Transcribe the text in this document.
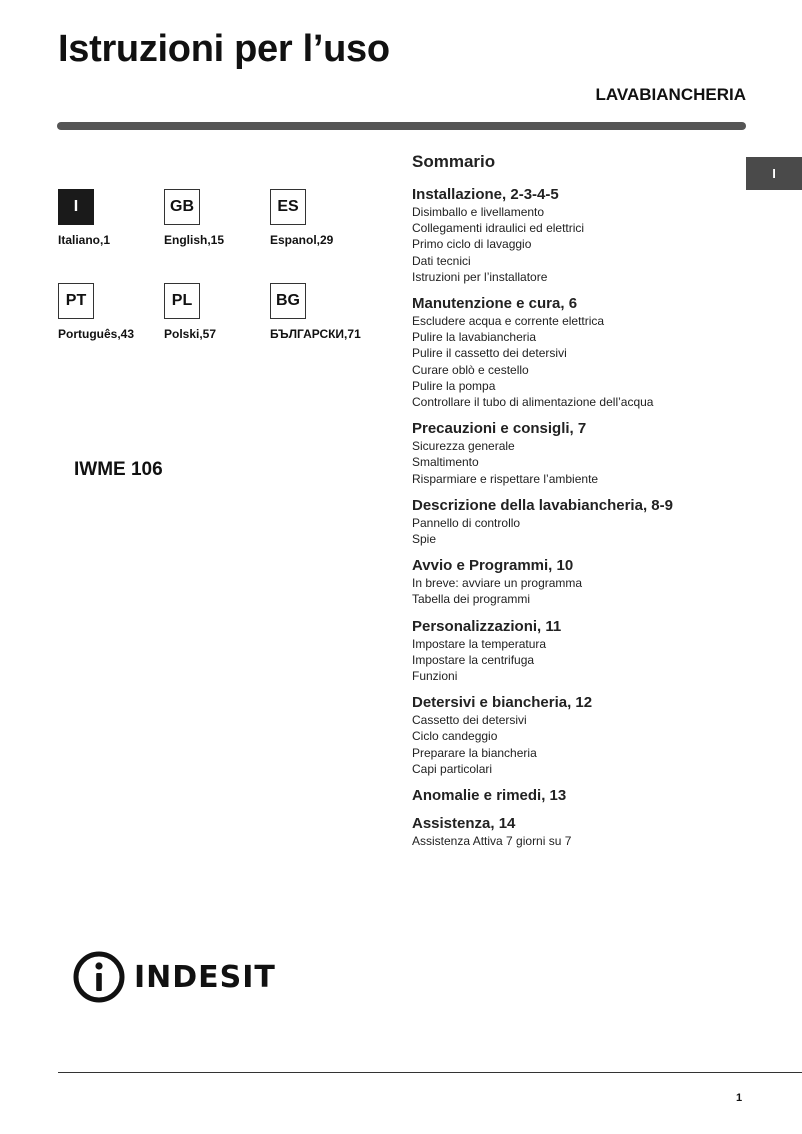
Istruzioni per l’uso
LAVABIANCHERIA
I
I
Italiano,1
GB
English,15
ES
Espanol,29
PT
Português,43
PL
Polski,57
BG
БЪЛГАРСКИ,71
IWME 106
INDESIT
Sommario
Installazione, 2-3-4-5
Disimballo e livellamento
Collegamenti idraulici ed elettrici
Primo ciclo di lavaggio
Dati tecnici
Istruzioni per l’installatore
Manutenzione e cura, 6
Escludere acqua e corrente elettrica
Pulire la lavabiancheria
Pulire il cassetto dei detersivi
Curare oblò e cestello
Pulire la pompa
Controllare il tubo di alimentazione dell’acqua
Precauzioni e consigli, 7
Sicurezza generale
Smaltimento
Risparmiare e rispettare l’ambiente
Descrizione della lavabiancheria, 8-9
Pannello di controllo
Spie
Avvio e Programmi, 10
In breve: avviare un programma
Tabella dei programmi
Personalizzazioni, 11
Impostare la temperatura
Impostare la centrifuga
Funzioni
Detersivi e biancheria, 12
Cassetto dei detersivi
Ciclo candeggio
Preparare la biancheria
Capi particolari
Anomalie e rimedi, 13
Assistenza, 14
Assistenza Attiva 7 giorni su 7
1
